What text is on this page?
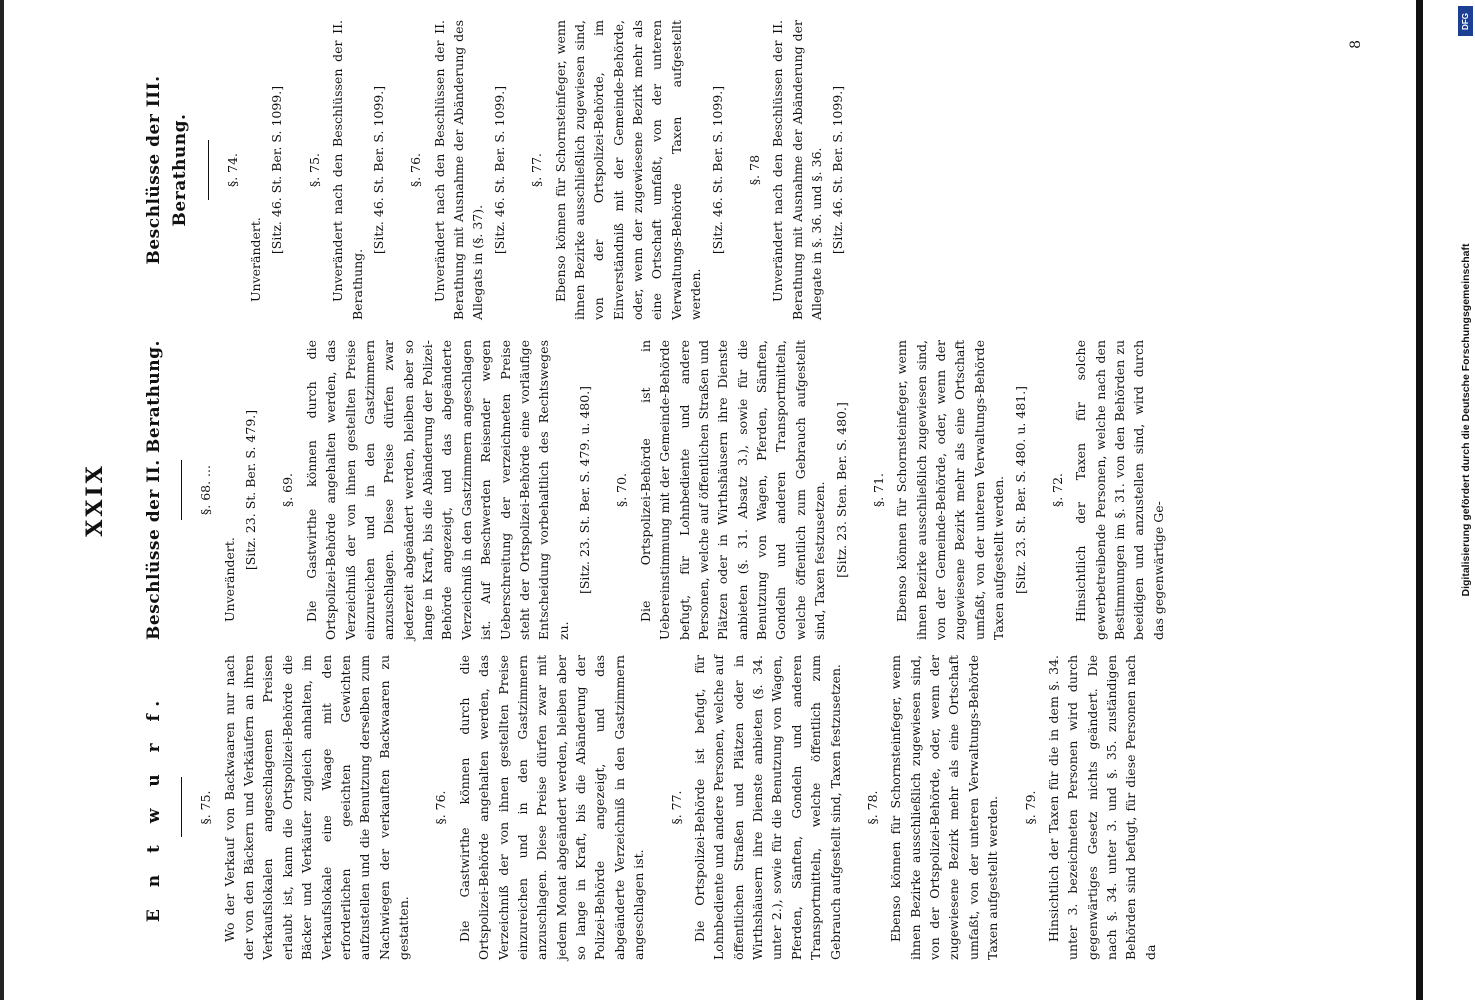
DFG
Digitalisierung gefördert durch die Deutsche Forschungsgemeinschaft
XXIX
E n t w u r f.	§. 75. Wo der Verkauf von Backwaaren nur nach der von den Bäckern und Verkäufern an ihren Verkaufslokalen angeschlagenen Preisen erlaubt ist, kann die Ortspolizei-Behörde die Bäcker und Verkäufer zugleich anhalten, im Verkaufslokale eine Waage mit den erforderlichen geeichten Gewichten aufzustellen und die Benutzung derselben zum Nachwiegen der verkauften Backwaaren zu gestatten.
§. 76. Die Gastwirthe können durch die Ortspolizei-Behörde angehalten werden, das Verzeichniß der von ihnen gestellten Preise einzureichen und in den Gastzimmern anzuschlagen. Diese Preise dürfen zwar mit jedem Monat abgeändert werden, bleiben aber so lange in Kraft, bis die Abänderung der Polizei-Behörde angezeigt, und das abgeänderte Verzeichniß in den Gastzimmern angeschlagen ist.
§. 77. Die Ortspolizei-Behörde ist befugt, für Lohnbediente und andere Personen, welche auf öffentlichen Straßen und Plätzen oder in Wirthshäusern ihre Dienste anbieten (§. 34. unter 2.), sowie für die Benutzung von Wagen, Pferden, Sänften, Gondeln und anderen Transportmitteln, welche öffentlich zum Gebrauch aufgestellt sind, Taxen festzusetzen. §. 78. Ebenso können für Schornsteinfeger, wenn ihnen Bezirke ausschließlich zugewiesen sind, von der Ortspolizei-Behörde, oder, wenn der zugewiesene Bezirk mehr als eine Ortschaft umfaßt, von der unteren Verwaltungs-Behörde Taxen aufgestellt werden. §. 79. Hinsichtlich der Taxen für die in dem §. 34. unter 3. bezeichneten Personen wird durch gegenwärtiges Gesetz nichts geändert. Die nach §. 34. unter 3. und §. 35. zuständigen Behörden sind befugt, für diese Personen nach da
Beschlüsse der II. Berathung.	§. 68. ...
Unverändert.
[Sitz. 23. St. Ber. S. 479.] §. 69. Die Gastwirthe können durch die Ortspolizei-Behörde angehalten werden, das Verzeichniß der von ihnen gestellten Preise einzureichen und in den Gastzimmern anzuschlagen. Diese Preise dürfen zwar jederzeit abgeändert werden, bleiben aber so lange in Kraft, bis die Abänderung der Polizei-Behörde angezeigt, und das abgeänderte Verzeichniß in den Gastzimmern angeschlagen ist. Auf Beschwerden Reisender wegen Ueberschreitung der verzeichneten Preise steht der Ortspolizei-Behörde eine vorläufige Entscheidung vorbehaltlich des Rechtsweges zu.
[Sitz. 23. St. Ber. S. 479. u. 480.] §. 70. Die Ortspolizei-Behörde ist in Uebereinstimmung mit der Gemeinde-Behörde befugt, für Lohnbediente und andere Personen, welche auf öffentlichen Straßen und Plätzen oder in Wirthshäusern ihre Dienste anbieten (§. 31. Absatz 3.), sowie für die Benutzung von Wagen, Pferden, Sänften, Gondeln und anderen Transportmitteln, welche öffentlich zum Gebrauch aufgestellt sind, Taxen festzusetzen. [Sitz. 23. Sten. Ber. S. 480.] §. 71. Ebenso können für Schornsteinfeger, wenn ihnen Bezirke ausschließlich zugewiesen sind, von der Gemeinde-Behörde, oder, wenn der zugewiesene Bezirk mehr als eine Ortschaft umfaßt, von der unteren Verwaltungs-Behörde Taxen aufgestellt werden. [Sitz. 23. St. Ber. S. 480. u. 481.] §. 72. Hinsichtlich der Taxen für solche gewerbetreibende Personen, welche nach den Bestimmungen im §. 31. von den Behörden zu beeidigen und anzustellen sind, wird durch das gegenwärtige Ge-
Beschlüsse der III. Berathung.	§. 74.
Unverändert.
[Sitz. 46. St. Ber. S. 1099.] §. 75. Unverändert nach den Beschlüssen der II. Berathung.
[Sitz. 46. St. Ber. S. 1099.] §. 76. Unverändert nach den Beschlüssen der II. Berathung mit Ausnahme der Abänderung des Allegats in (§. 37).
[Sitz. 46. St. Ber. S. 1099.] §. 77. Ebenso können für Schornsteinfeger, wenn ihnen Bezirke ausschließlich zugewiesen sind, von der Ortspolizei-Behörde, im Einverständniß mit der Gemeinde-Behörde, oder, wenn der zugewiesene Bezirk mehr als eine Ortschaft umfaßt, von der unteren Verwaltungs-Behörde Taxen aufgestellt werden.
[Sitz. 46. St. Ber. S. 1099.] §. 78 Unverändert nach den Beschlüssen der II. Berathung mit Ausnahme der Abänderung der Allegate in §. 36. und §. 36. [Sitz. 46. St. Ber. S. 1099.]
8
